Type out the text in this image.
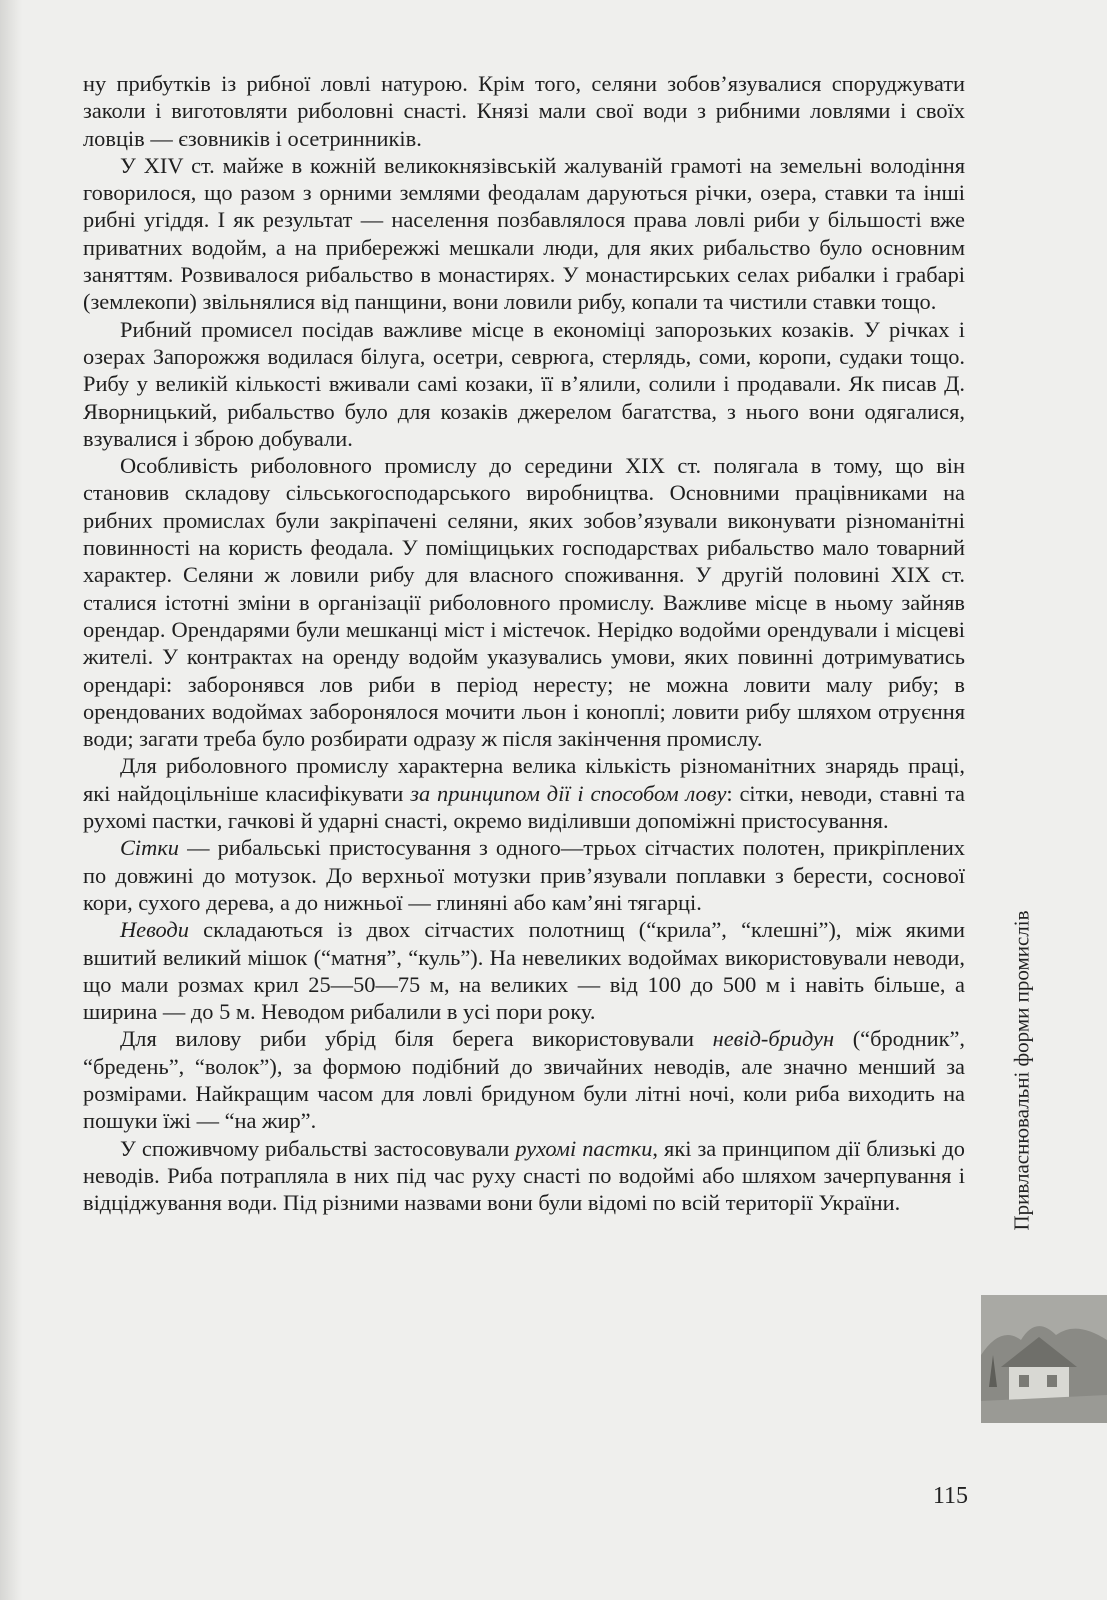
ну прибутків із рибної ловлі натурою. Крім того, селяни зобов’язувалися споруджувати заколи і виготовляти риболовні снасті. Князі мали свої води з рибними ловлями і своїх ловців — єзовників і осетринників.

У XIV ст. майже в кожній великокнязівській жалуваній грамоті на земельні володіння говорилося, що разом з орними землями феодалам даруються річки, озера, ставки та інші рибні угіддя. І як результат — населення позбавлялося права ловлі риби у більшості вже приватних водойм, а на прибережжі мешкали люди, для яких рибальство було основним заняттям. Розвивалося рибальство в монастирях. У монастирських селах рибалки і грабарі (землекопи) звільнялися від панщини, вони ловили рибу, копали та чистили ставки тощо.

Рибний промисел посідав важливе місце в економіці запорозьких козаків. У річках і озерах Запорожжя водилася білуга, осетри, севрюга, стерлядь, соми, коропи, судаки тощо. Рибу у великій кількості вживали самі козаки, її в’ялили, солили і продавали. Як писав Д. Яворницький, рибальство було для козаків джерелом багатства, з нього вони одягалися, взувалися і зброю добували.

Особливість риболовного промислу до середини XIX ст. полягала в тому, що він становив складову сільськогосподарського виробництва. Основними працівниками на рибних промислах були закріпачені селяни, яких зобов’язували виконувати різноманітні повинності на користь феодала. У поміщицьких господарствах рибальство мало товарний характер. Селяни ж ловили рибу для власного споживання. У другій половині XIX ст. сталися істотні зміни в організації риболовного промислу. Важливе місце в ньому зайняв орендар. Орендарями були мешканці міст і містечок. Нерідко водойми орендували і місцеві жителі. У контрактах на оренду водойм указувались умови, яких повинні дотримуватись орендарі: заборонявся лов риби в період нересту; не можна ловити малу рибу; в орендованих водоймах заборонялося мочити льон і коноплі; ловити рибу шляхом отруєння води; загати треба було розбирати одразу ж після закінчення промислу.

Для риболовного промислу характерна велика кількість різноманітних знарядь праці, які найдоцільніше класифікувати за принципом дії і способом лову: сітки, неводи, ставні та рухомі пастки, гачкові й ударні снасті, окремо виділивши допоміжні пристосування.

Сітки — рибальські пристосування з одного—трьох сітчастих полотен, прикріплених по довжині до мотузок. До верхньої мотузки прив’язували поплавки з берести, соснової кори, сухого дерева, а до нижньої — глиняні або кам’яні тягарці.

Неводи складаються із двох сітчастих полотнищ (“крила”, “клешні”), між якими вшитий великий мішок (“матня”, “куль”). На невеликих водоймах використовували неводи, що мали розмах крил 25—50—75 м, на великих — від 100 до 500 м і навіть більше, а ширина — до 5 м. Неводом рибалили в усі пори року.

Для вилову риби убрід біля берега використовували невід-бридун (“бродник”, “бредень”, “волок”), за формою подібний до звичайних неводів, але значно менший за розмірами. Найкращим часом для ловлі бридуном були літні ночі, коли риба виходить на пошуки їжі — “на жир”.

У споживчому рибальстві застосовували рухомі пастки, які за принципом дії близькі до неводів. Риба потрапляла в них під час руху снасті по водоймі або шляхом зачерпування і відціджування води. Під різними назвами вони були відомі по всій території України.	Привласнювальні форми промислів
115
